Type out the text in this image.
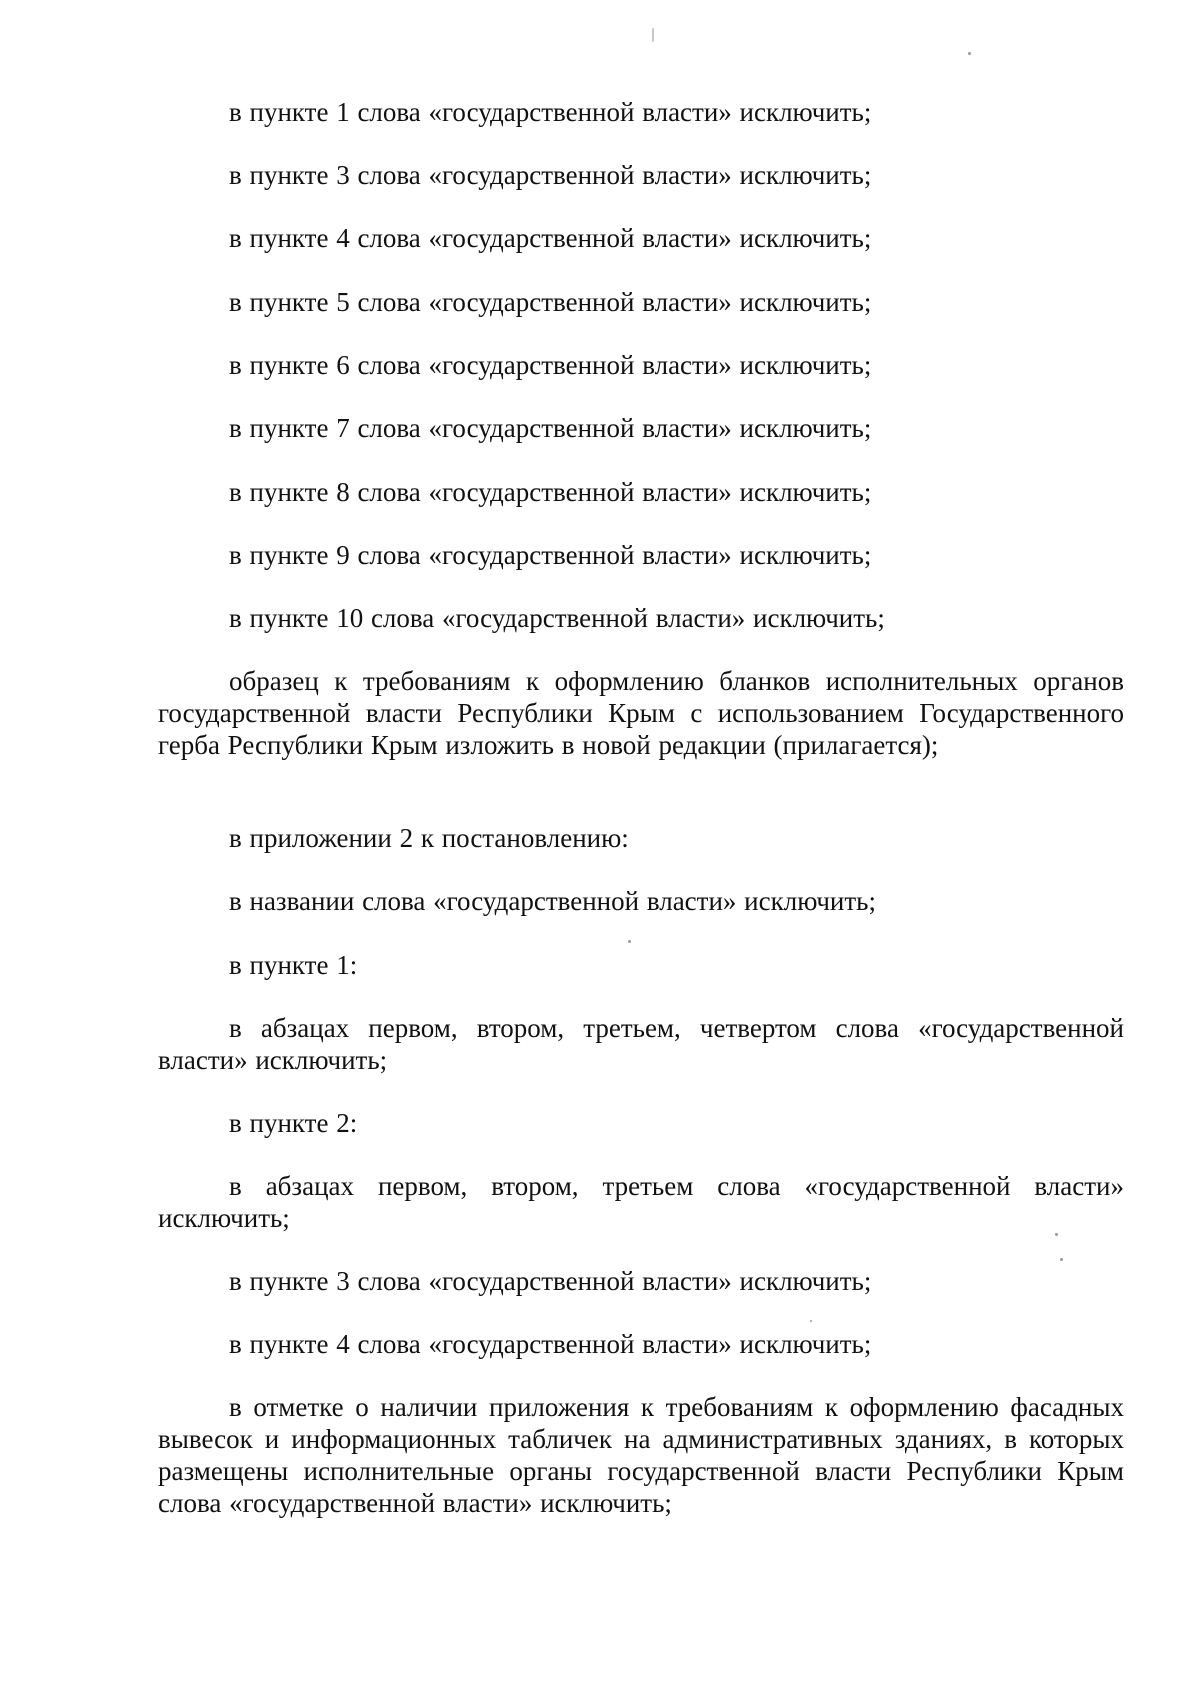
в пункте 1 слова «государственной власти» исключить;

в пункте 3 слова «государственной власти» исключить;

в пункте 4 слова «государственной власти» исключить;

в пункте 5 слова «государственной власти» исключить;

в пункте 6 слова «государственной власти» исключить;

в пункте 7 слова «государственной власти» исключить;

в пункте 8 слова «государственной власти» исключить;

в пункте 9 слова «государственной власти» исключить;

в пункте 10 слова «государственной власти» исключить;

образец к требованиям к оформлению бланков исполнительных органов государственной власти Республики Крым с использованием Государственного герба Республики Крым изложить в новой редакции (прилагается);

в приложении 2 к постановлению:

в названии слова «государственной власти» исключить;

в пункте 1:

в абзацах первом, втором, третьем, четвертом слова «государственной власти» исключить;

в пункте 2:

в абзацах первом, втором, третьем слова «государственной власти» исключить;

в пункте 3 слова «государственной власти» исключить;

в пункте 4 слова «государственной власти» исключить;

в отметке о наличии приложения к требованиям к оформлению фасадных вывесок и информационных табличек на административных зданиях, в которых размещены исполнительные органы государственной власти Республики Крым слова «государственной власти» исключить;
